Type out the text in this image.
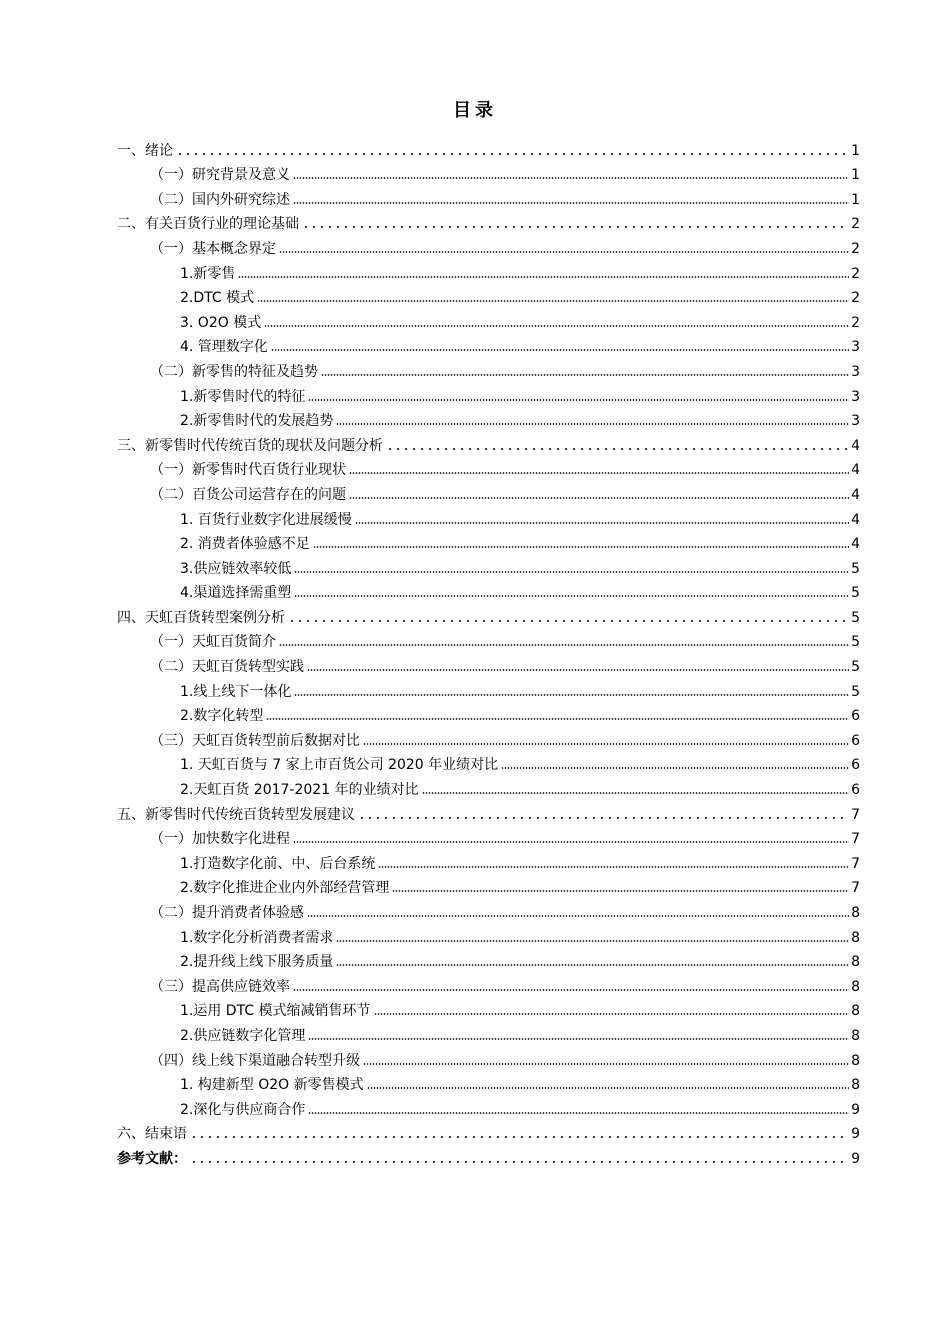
目录
一、绪论	1
（一）研究背景及意义	1
（二）国内外研究综述	1
二、有关百货行业的理论基础	2
（一）基本概念界定	2
1.新零售	2
2.DTC 模式	2
3. O2O 模式	2
4. 管理数字化	3
（二）新零售的特征及趋势	3
1.新零售时代的特征	3
2.新零售时代的发展趋势	3
三、新零售时代传统百货的现状及问题分析	4
（一）新零售时代百货行业现状	4
（二）百货公司运营存在的问题	4
1. 百货行业数字化进展缓慢	4
2. 消费者体验感不足	4
3.供应链效率较低	5
4.渠道选择需重塑	5
四、天虹百货转型案例分析	5
（一）天虹百货简介	5
（二）天虹百货转型实践	5
1.线上线下一体化	5
2.数字化转型	6
（三）天虹百货转型前后数据对比	6
1. 天虹百货与 7 家上市百货公司 2020 年业绩对比	6
2.天虹百货 2017-2021 年的业绩对比	6
五、新零售时代传统百货转型发展建议	7
（一）加快数字化进程	7
1.打造数字化前、中、后台系统	7
2.数字化推进企业内外部经营管理	7
（二）提升消费者体验感	8
1.数字化分析消费者需求	8
2.提升线上线下服务质量	8
（三）提高供应链效率	8
1.运用 DTC 模式缩减销售环节	8
2.供应链数字化管理	8
（四）线上线下渠道融合转型升级	8
1. 构建新型 O2O 新零售模式	8
2.深化与供应商合作	9
六、结束语	9
参考文献：	9
